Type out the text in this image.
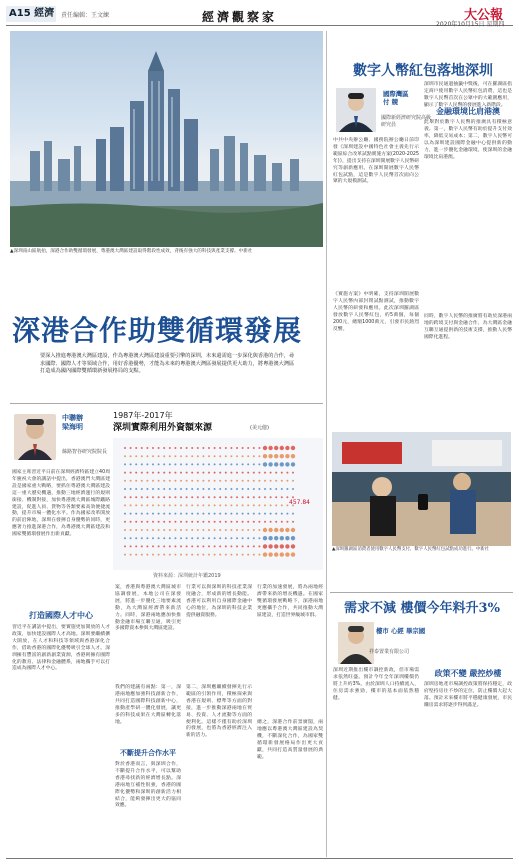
A15 經濟	責任編輯：王文練	經濟觀察家	大公報
2020年10月15日 星期四
▲深圳南山區航拍，深港合作助雙循環發展，粵港澳大灣區建設取得階段性成效，背後有強大的科技與產業支撐。中新社
深港合作助雙循環發展
要深入推進粵港澳大灣區建設，作為粵港澳大灣區建設重要引擎的深圳，未來還需進一步深化與香港的合作，尋求國際、國際人才等領域合作，用好香港優勢，才能為未來的粵港澳大灣區發展提供更大助力，將粵港澳大灣區打造成為國內國際雙循環新發展格局的支點。
中聯辦
梁海明
絲路智谷研究院院長
1987年-2017年
深圳實際利用外資額來源	(美元億)
457.84
資料來源：深圳統計年鑑2019
國家主席習近平日前在深圳經濟特區建立40周年慶祝大會的講話中提出，香港澳門大灣區建設是國家重大戰略，要抓住粵港澳大灣區建設這一重大歷史機遇，推動三地經濟運行的規則銜接、機制對接，加快粵港澳大灣區城際鐵路建設，促進人員、貨物等各類要素高效便捷流動，提升市場一體化水平。作為國家改革開放的前沿陣地，深圳在發揮自身優勢的同時，更應著力推進深港合作，為粵港澳大灣區建設和國家雙循環發展作出新貢獻。
打造國際人才中心
習近平在講話中提出，要實施更加開放的人才政策，加快建設國際人才高地。深圳要繼續擴大開放，在人才和科技等領域與香港深化合作，借助香港的國際化優勢吸引全球人才。深圳擁有豐富的創新創業資源，香港則擁有國際化的教育、法律和金融體系，兩地攜手可以打造成為國際人才中心。
案，香港與粵港澳大灣區城市協調發展，本地公司在深發展，將進一步優化三地要素流動，為大灣區經濟帶來新活力。同時，深港兩地應加快推動金融市場互聯互通，吸引更多國際資本參與大灣區建設。
我們的建議有兩點：第一，深港兩地應加強科技創新合作，共同打造國際科技創新中心，推動產學研一體化發展，讓更多的科技成果在大灣區轉化落地。
不斷提升合作水平
對於香港而言，與深圳合作，不斷提升合作水平，可以幫助香港尋找新的經濟增長點。深港兩地互補性很強，香港的國際化優勢和深圳的創新活力相結合，能夠發揮出更大的協同效應。
行業可以與深圳的科技產業深度融合，形成新的增長動能。香港可以利用自身國際金融中心的地位，為深圳的科技企業提供融資服務。
第二，深圳應繼續發揮先行示範區的引領作用，積極探索與香港在規則、標準等方面的對接，進一步推動深港兩地在貿易、投資、人才流動等方面的便利化。這樣不僅有助於深圳的發展，也將為香港經濟注入新的活力。
行業的加速發展，將為兩地經濟帶來新的增長機遇。在國家雙循環發展戰略下，深港兩地更應攜手合作，共同推動大灣區建設，打造世界級城市群。
總之，深港合作前景廣闊，兩地應以粵港澳大灣區建設為契機，不斷深化合作，為國家雙循環新發展格局作出更大貢獻，共同打造高質量發展的典範。
數字人幣紅包落地深圳
國際灣區
付 競
國際新經濟研究院高級研究員
中共中央辦公廳、國務院辦公廳日前印發《深圳建設中國特色社會主義先行示範區綜合改革試點實施方案(2020-2025年)》，提出支持在深圳開展數字人民幣研究等創新應用。在深圳開展數字人民幣紅包試點，這是數字人民幣首次面向公眾的大規模測試。
《實施方案》中明確，支持深圳開展數字人民幣內部封閉試點測試，推動數字人民幣的研發和應用。此次深圳羅湖區發放數字人民幣紅包，約5萬個，每個200元，總額1000萬元，引發市民熱烈反響。
深圳市民通過抽籤中獎後，可在羅湖區指定商戶使用數字人民幣紅包消費，這也是數字人民幣首次在公眾中的大範圍應用，顯示了數字人民幣的發展進入新階段。
金融環境比肩港澳
此舉對於數字人民幣的推廣具有積極意義。第一，數字人民幣有助於提升支付效率，降低交易成本；第二，數字人民幣可以為深圳建設國際金融中心提供新的動力，進一步優化金融環境，使深圳的金融環境比肩港澳。
同時，數字人民幣的推廣將有助於深港兩地的跨境支付與金融合作，為大灣區金融互聯互通提供新的技術支撐，推動人民幣國際化進程。
▲深圳羅湖區消費者使用數字人民幣支付，數字人民幣紅包試點成功進行。中新社
需求不減 樓價今年料升3%
樓市 心經 畢宗國
祥泰置業有限公司
深圳近期推出樓市調控新政，但市場需求依然旺盛。預計今年全年深圳樓價仍將上升約3%。由於深圳人口持續流入，住房需求強勁，樓市的基本面依然穩健。
政策不變 嚴控炒樓
深圳房地產市場調控政策將保持穩定，政府堅持房住不炒的定位，防止樓價大起大落。預計未來樓市將平穩健康發展，市民購房需求將逐步得到滿足。
